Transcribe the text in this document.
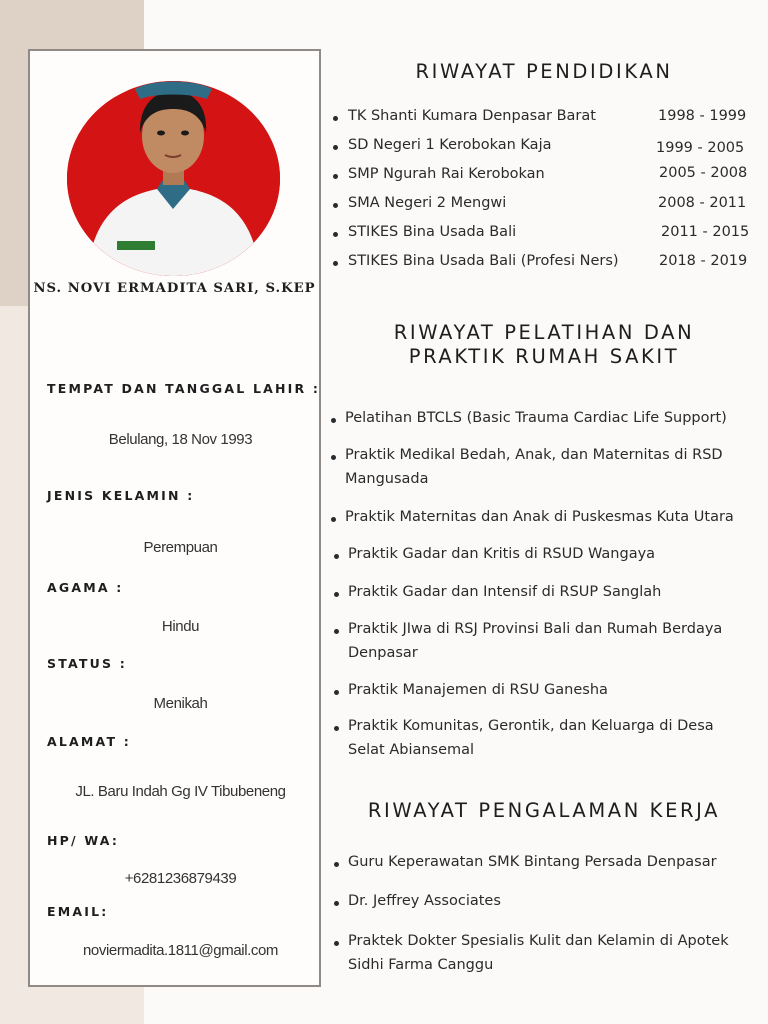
NS. NOVI ERMADITA SARI, S.KEP
TEMPAT DAN TANGGAL LAHIR :
Belulang, 18 Nov 1993
JENIS KELAMIN :
Perempuan
AGAMA :
Hindu
STATUS :
Menikah
ALAMAT :
JL. Baru Indah Gg IV Tibubeneng
HP/ WA:
+6281236879439
EMAIL:
noviermadita.1811@gmail.com
RIWAYAT PENDIDIKAN
TK Shanti Kumara Denpasar Barat	1998 - 1999
SD Negeri 1 Kerobokan Kaja	1999 - 2005
SMP Ngurah Rai Kerobokan	2005 - 2008
SMA Negeri 2 Mengwi	2008 - 2011
STIKES Bina Usada Bali	2011 - 2015
STIKES Bina Usada Bali (Profesi Ners)	2018 - 2019
RIWAYAT PELATIHAN DAN
PRAKTIK RUMAH SAKIT
Pelatihan BTCLS (Basic Trauma Cardiac Life Support)
Praktik Medikal Bedah, Anak, dan Maternitas di RSD Mangusada
Praktik Maternitas dan Anak di Puskesmas Kuta Utara
Praktik Gadar dan Kritis di RSUD Wangaya
Praktik Gadar dan Intensif di RSUP Sanglah
Praktik JIwa di RSJ Provinsi Bali dan Rumah Berdaya Denpasar
Praktik Manajemen di RSU Ganesha
Praktik Komunitas, Gerontik, dan Keluarga di Desa Selat Abiansemal
RIWAYAT PENGALAMAN KERJA
Guru Keperawatan SMK Bintang Persada Denpasar
Dr. Jeffrey Associates
Praktek Dokter Spesialis Kulit dan Kelamin di Apotek Sidhi Farma Canggu
